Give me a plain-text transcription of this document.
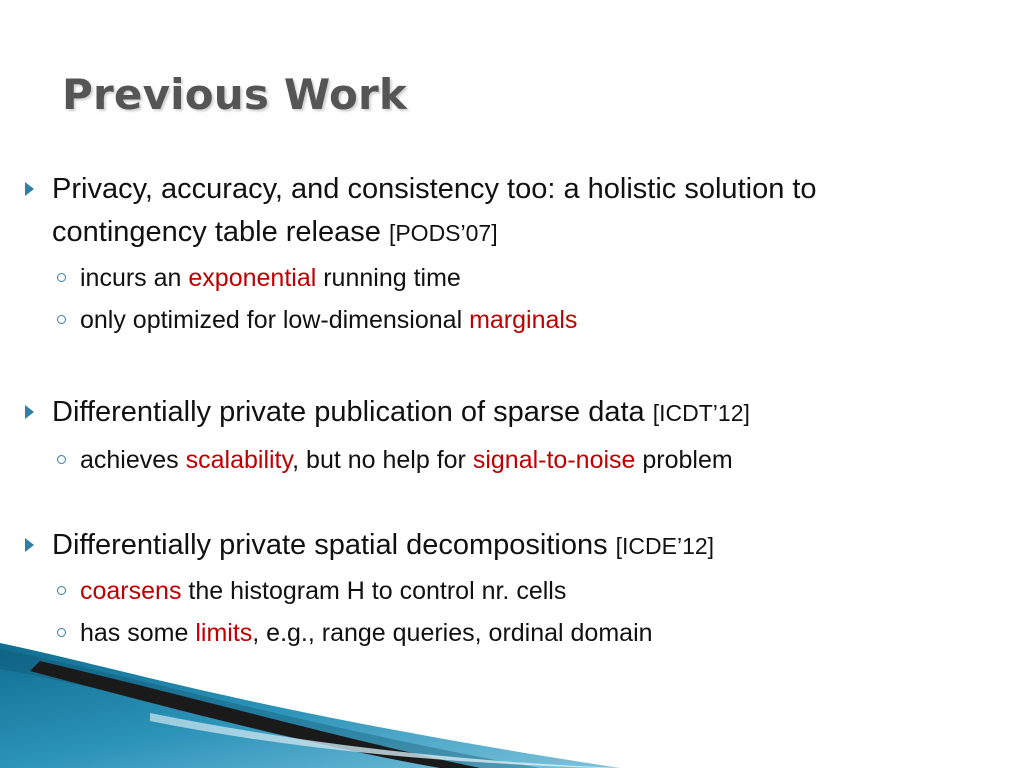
Previous Work
Privacy, accuracy, and consistency too: a holistic solution to
contingency table release [PODS’07]
incurs an exponential running time
only optimized for low-dimensional marginals
Differentially private publication of sparse data [ICDT’12]
achieves scalability, but no help for signal-to-noise problem
Differentially private spatial decompositions [ICDE’12]
coarsens the histogram H to control nr. cells
has some limits, e.g., range queries, ordinal domain
